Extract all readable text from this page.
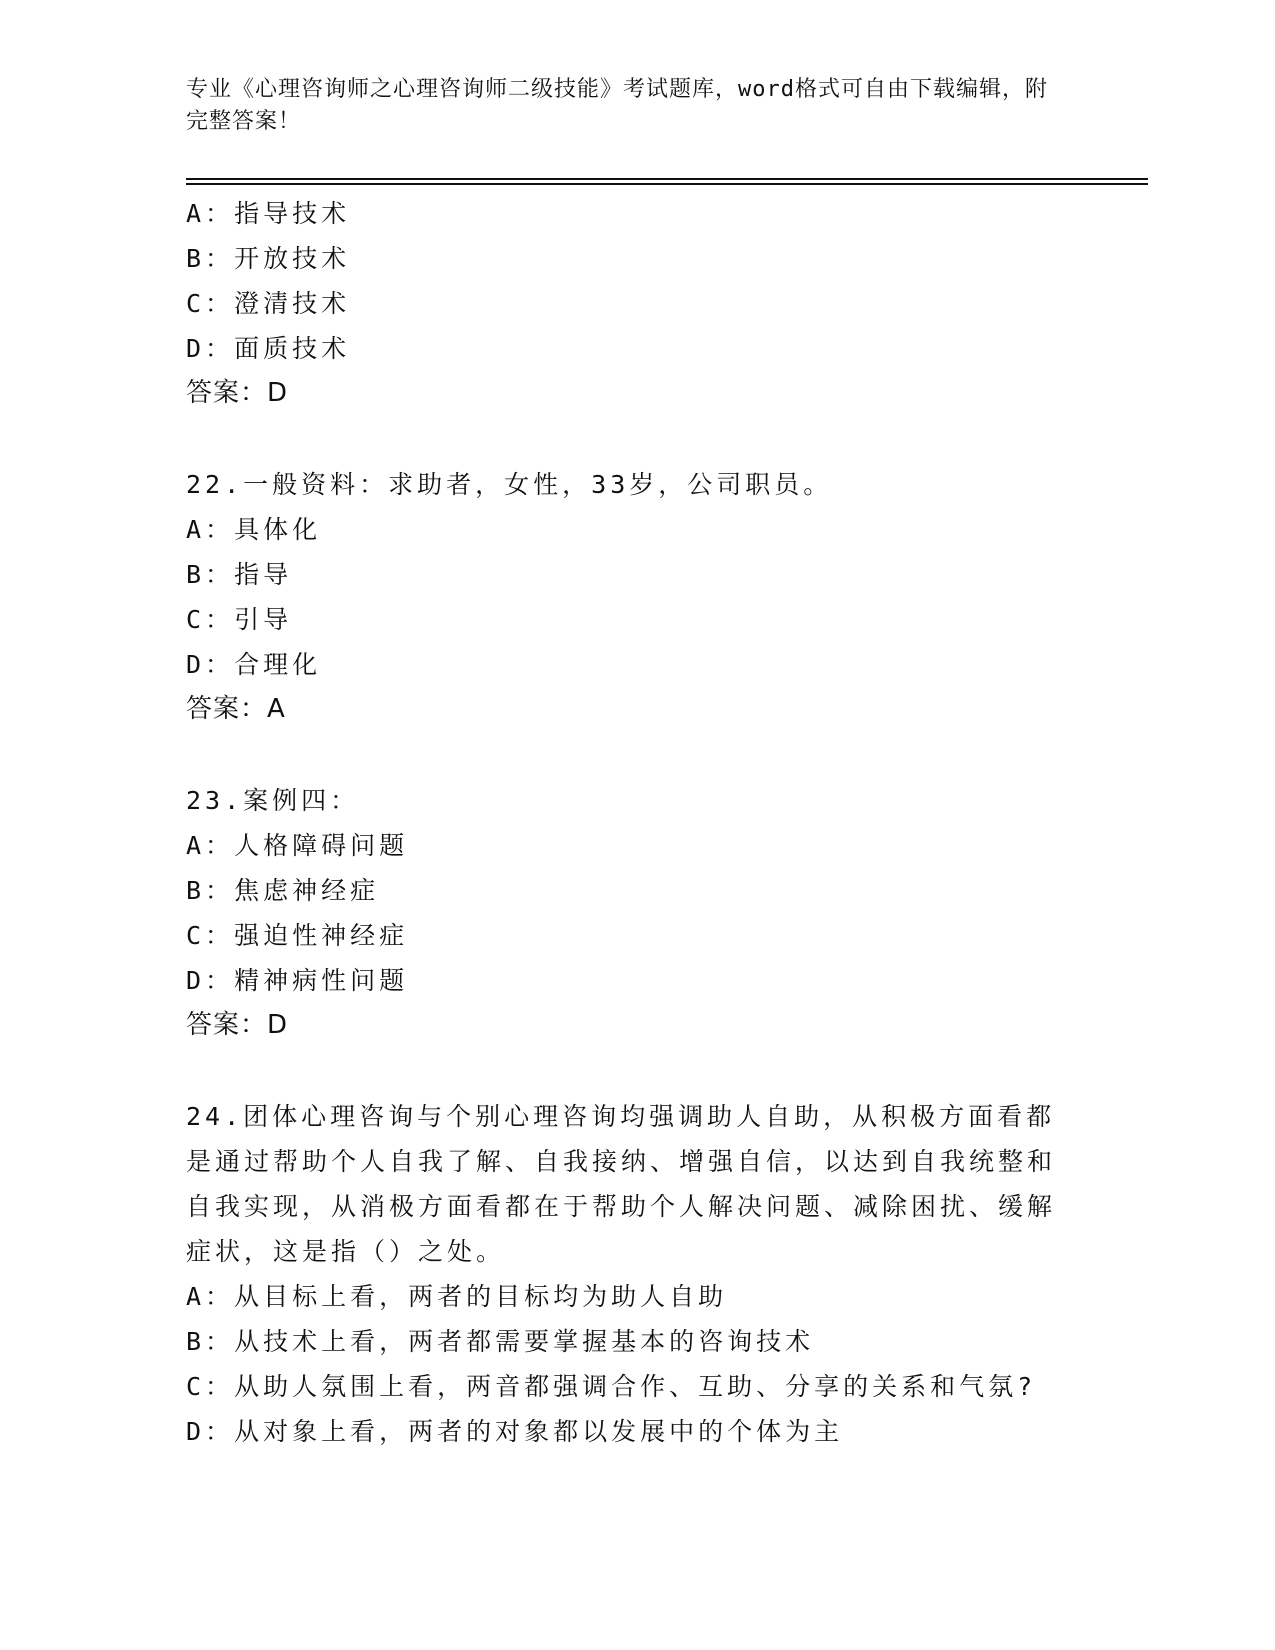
专业《心理咨询师之心理咨询师二级技能》考试题库，word格式可自由下载编辑，附完整答案！
A：指导技术
B：开放技术
C：澄清技术
D：面质技术
答案：D
22.一般资料：求助者，女性，33岁，公司职员。
A：具体化
B：指导
C：引导
D：合理化
答案：A
23.案例四：
A：人格障碍问题
B：焦虑神经症
C：强迫性神经症
D：精神病性问题
答案：D
24.团体心理咨询与个别心理咨询均强调助人自助，从积极方面看都是通过帮助个人自我了解、自我接纳、增强自信，以达到自我统整和自我实现，从消极方面看都在于帮助个人解决问题、减除困扰、缓解症状，这是指（）之处。
A：从目标上看，两者的目标均为助人自助
B：从技术上看，两者都需要掌握基本的咨询技术
C：从助人氛围上看，两音都强调合作、互助、分享的关系和气氛?
D：从对象上看，两者的对象都以发展中的个体为主
